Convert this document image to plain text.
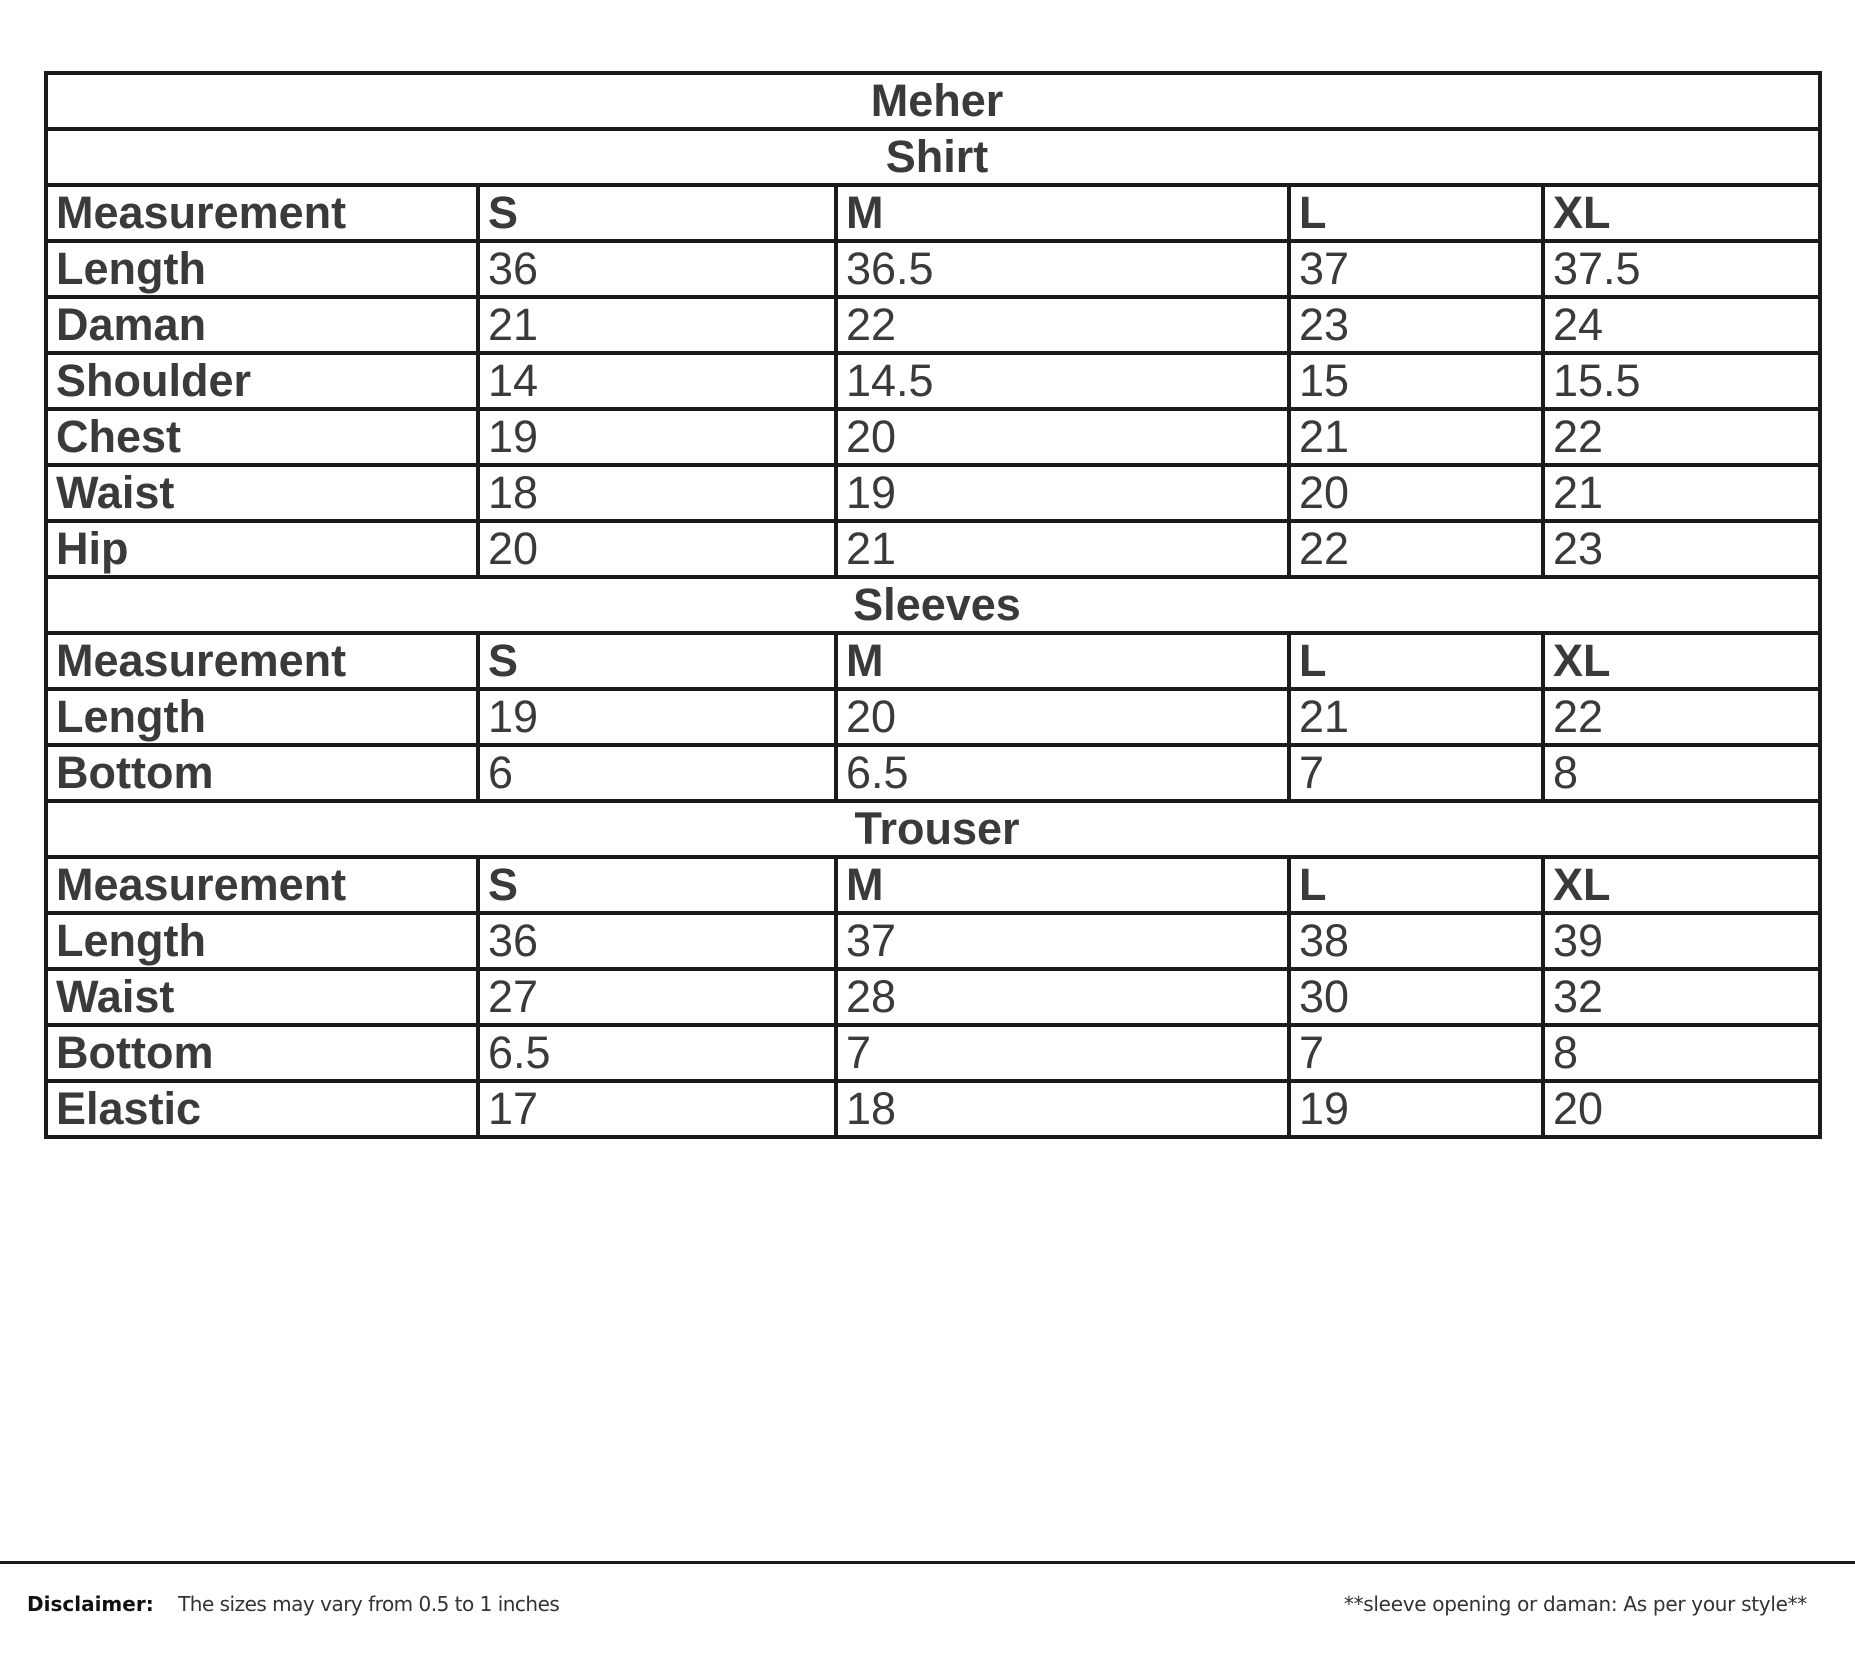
Meher				
Shirt				
Measurement	S	M	L	XL
Length	36	36.5	37	37.5
Daman	21	22	23	24
Shoulder	14	14.5	15	15.5
Chest	19	20	21	22
Waist	18	19	20	21
Hip	20	21	22	23
Sleeves				
Measurement	S	M	L	XL
Length	19	20	21	22
Bottom	6	6.5	7	8
Trouser				
Measurement	S	M	L	XL
Length	36	37	38	39
Waist	27	28	30	32
Bottom	6.5	7	7	8
Elastic	17	18	19	20
Disclaimer: The sizes may vary from 0.5 to 1 inches	**sleeve opening or daman: As per your style**
